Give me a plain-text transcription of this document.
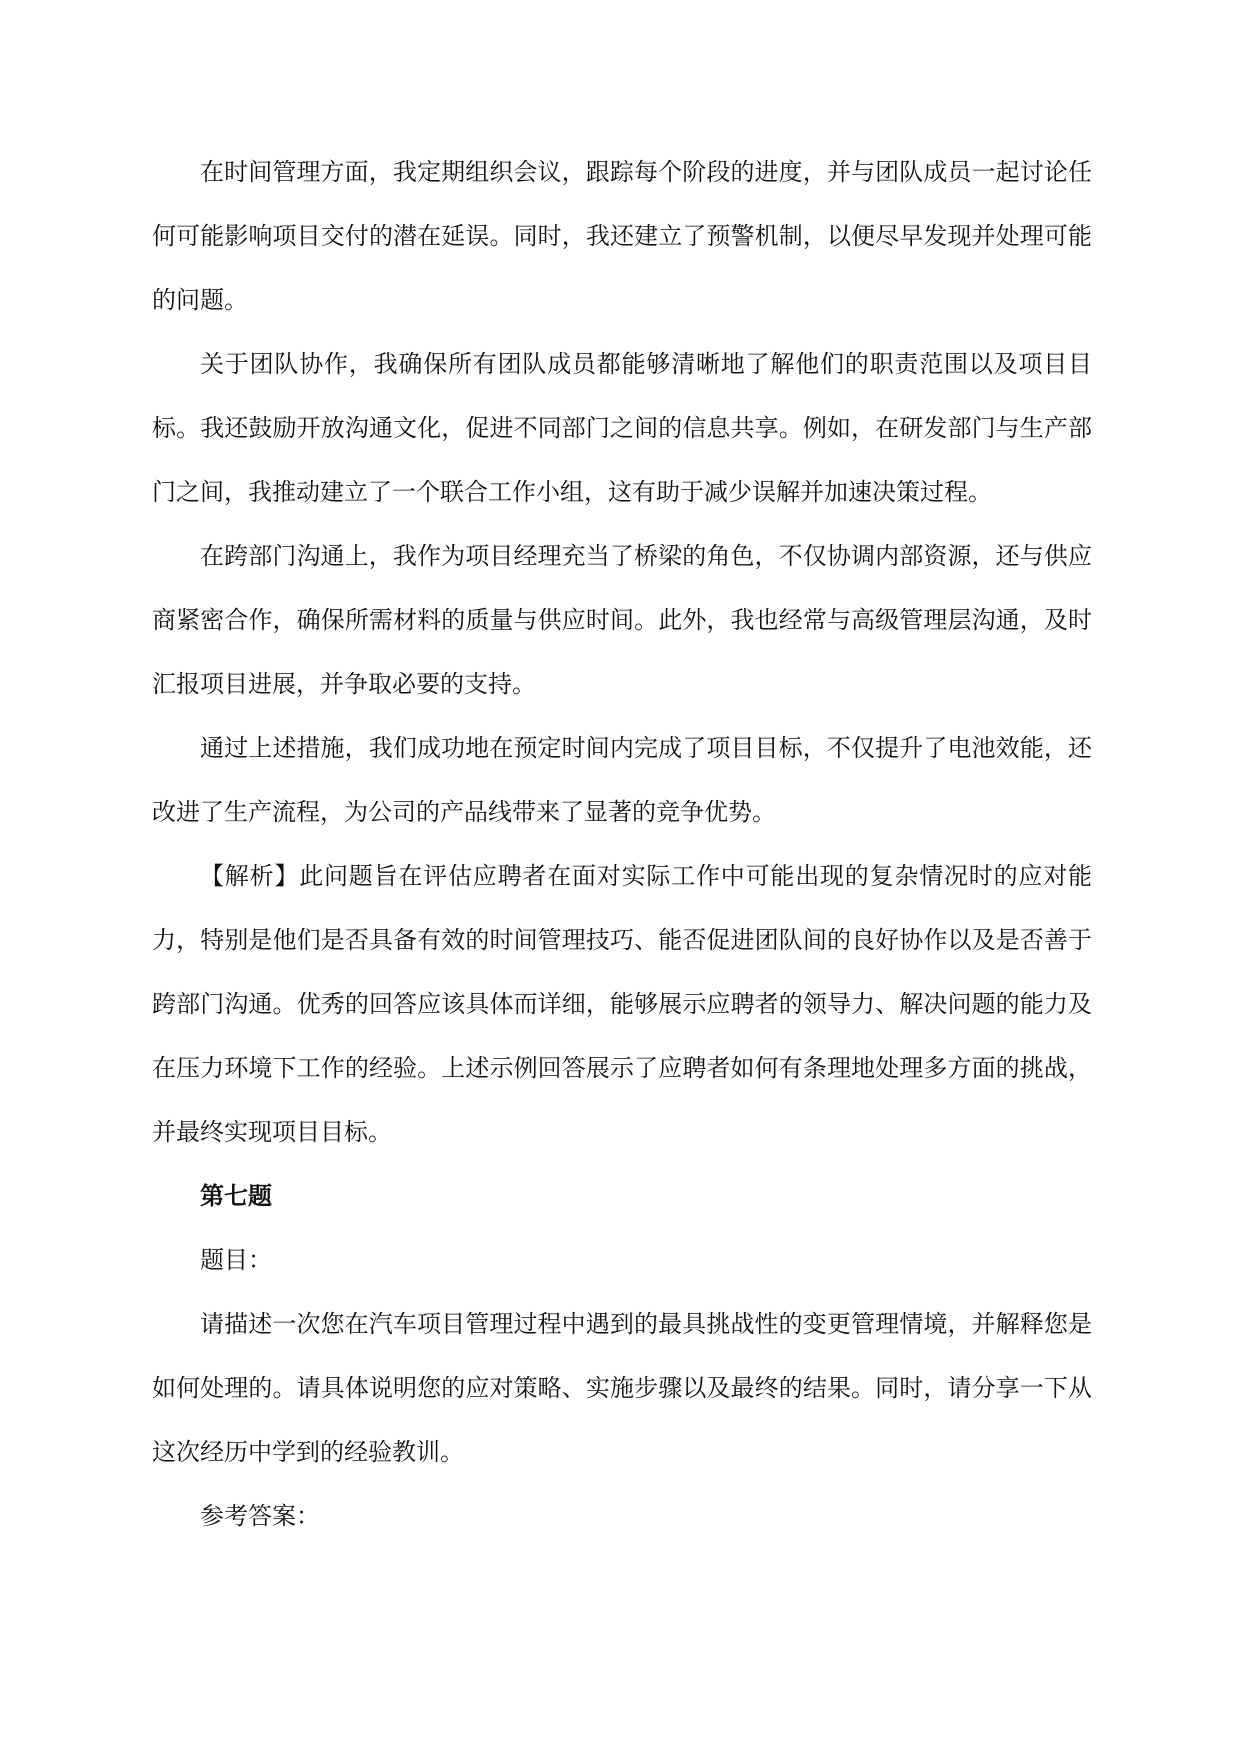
在时间管理方面，我定期组织会议，跟踪每个阶段的进度，并与团队成员一起讨论任何可能影响项目交付的潜在延误。同时，我还建立了预警机制，以便尽早发现并处理可能的问题。

关于团队协作，我确保所有团队成员都能够清晰地了解他们的职责范围以及项目目标。我还鼓励开放沟通文化，促进不同部门之间的信息共享。例如，在研发部门与生产部门之间，我推动建立了一个联合工作小组，这有助于减少误解并加速决策过程。

在跨部门沟通上，我作为项目经理充当了桥梁的角色，不仅协调内部资源，还与供应商紧密合作，确保所需材料的质量与供应时间。此外，我也经常与高级管理层沟通，及时汇报项目进展，并争取必要的支持。

通过上述措施，我们成功地在预定时间内完成了项目目标，不仅提升了电池效能，还改进了生产流程，为公司的产品线带来了显著的竞争优势。

【解析】此问题旨在评估应聘者在面对实际工作中可能出现的复杂情况时的应对能力，特别是他们是否具备有效的时间管理技巧、能否促进团队间的良好协作以及是否善于跨部门沟通。优秀的回答应该具体而详细，能够展示应聘者的领导力、解决问题的能力及在压力环境下工作的经验。上述示例回答展示了应聘者如何有条理地处理多方面的挑战，并最终实现项目目标。

第七题

题目：

请描述一次您在汽车项目管理过程中遇到的最具挑战性的变更管理情境，并解释您是如何处理的。请具体说明您的应对策略、实施步骤以及最终的结果。同时，请分享一下从这次经历中学到的经验教训。

参考答案：
